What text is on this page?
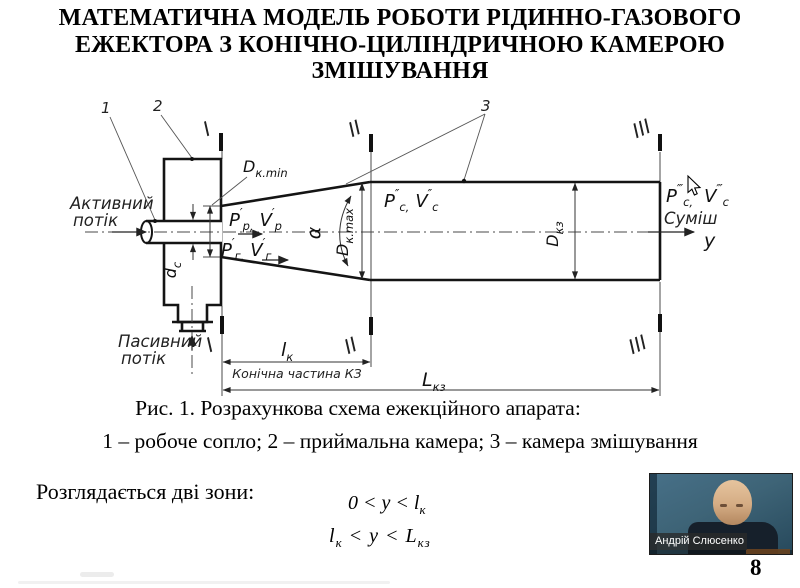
МАТЕМАТИЧНА МОДЕЛЬ РОБОТИ РІДИННО-ГАЗОВОГО
ЕЖЕКТОРА З КОНІЧНО-ЦИЛІНДРИЧНОЮ КАМЕРОЮ
ЗМІШУВАННЯ
1	2	3
I	II	III
I	II	III
Активний
потік
Пасивний
потік
Суміш
y
$P'_{р,}$ $V'_р$
$P'_{г,}$ $V'_г$
$P''_{с,}$ $V''_с$	$P^‴_{с,}$ $V^‴_с$
$D_{к.min}$
$d_с$
α
$D_{к.max}$	$D_{кз}$
$l_к$
Конічна частина КЗ	$L_{кз}$
Рис. 1. Розрахункова схема ежекційного апарата:
1 – робоче сопло; 2 – приймальна камера; 3 – камера змішування
Розглядається дві зони:	$0 < y < l_к$
$l_к < y < L_{кз}$	Андрій Слюсенко
8
